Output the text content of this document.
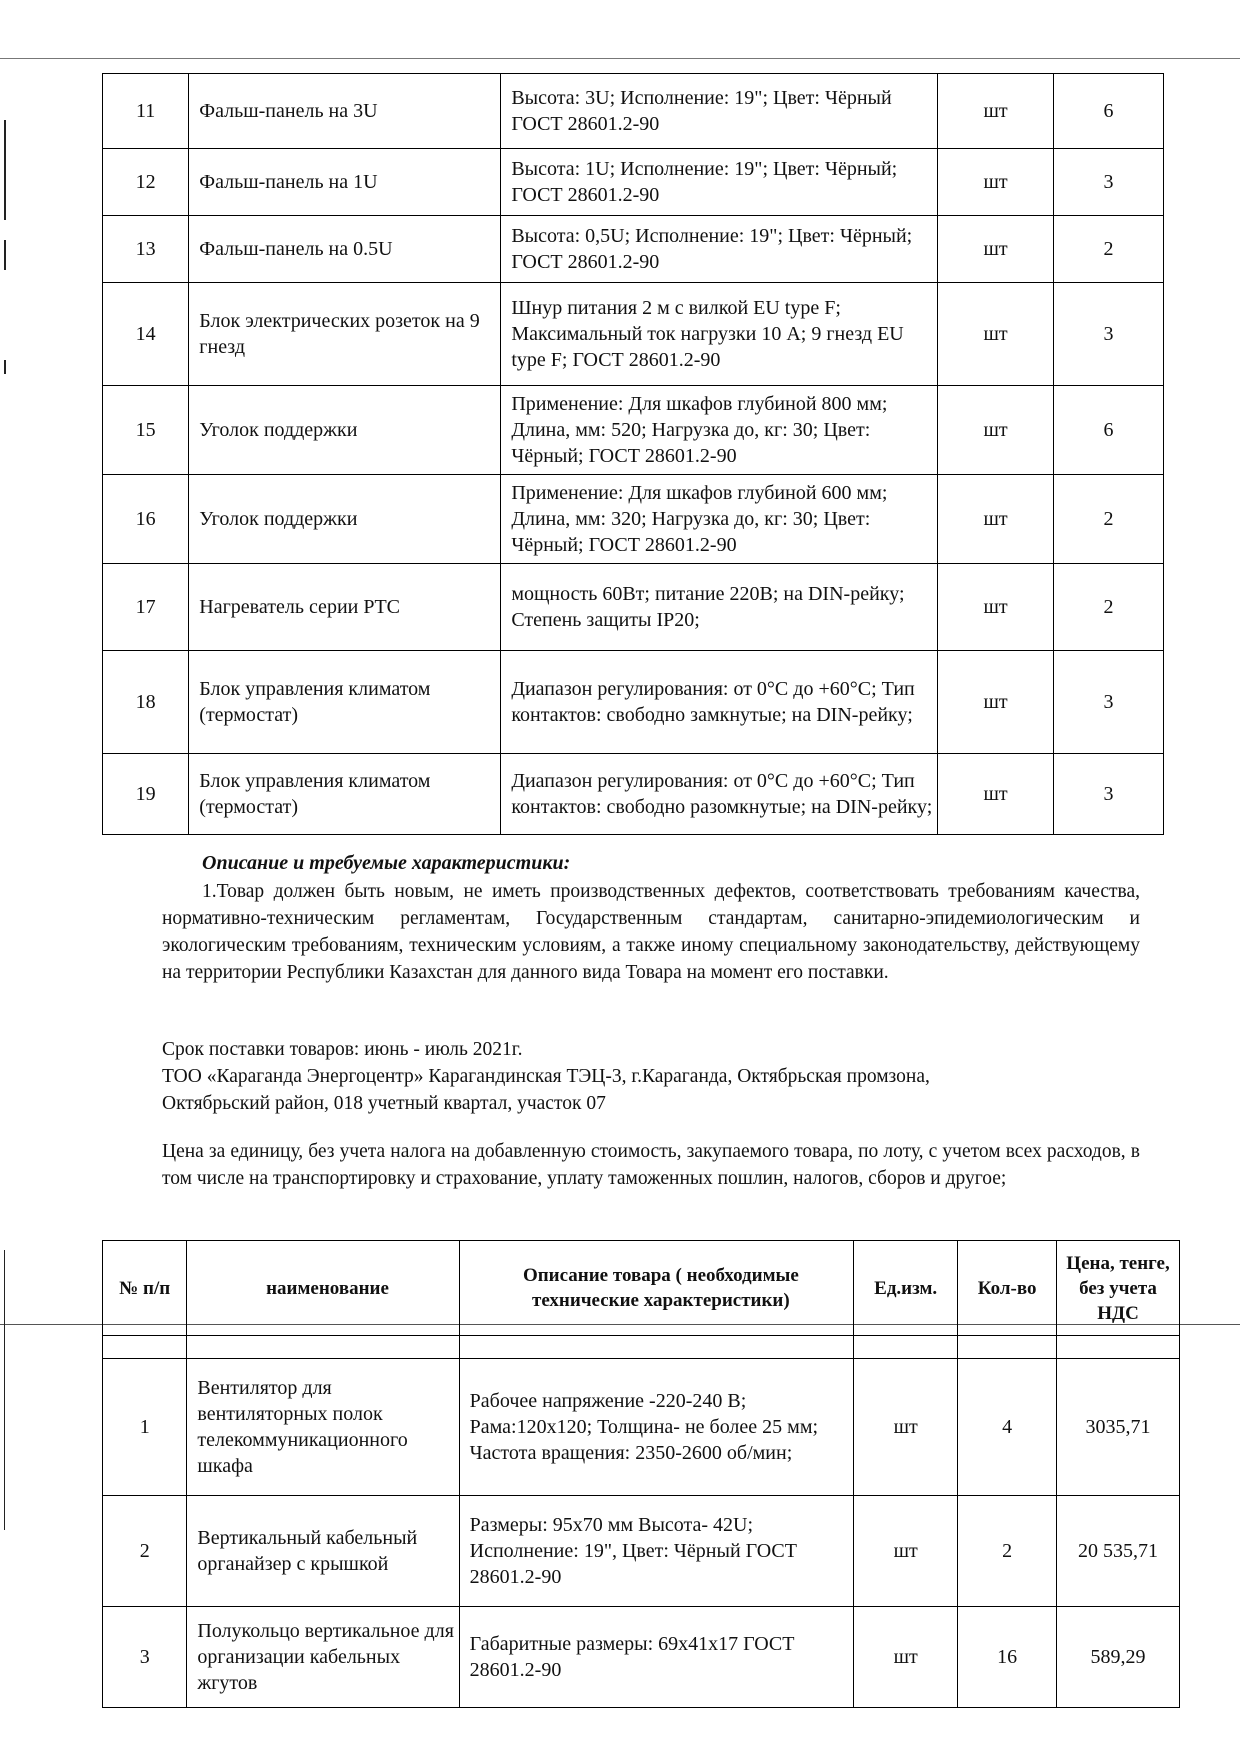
11	Фальш-панель на 3U	Высота: 3U; Исполнение: 19"; Цвет: Чёрный ГОСТ 28601.2-90	шт	6
12	Фальш-панель на 1U	Высота: 1U; Исполнение: 19"; Цвет: Чёрный; ГОСТ 28601.2-90	шт	3
13	Фальш-панель на 0.5U	Высота: 0,5U; Исполнение: 19"; Цвет: Чёрный; ГОСТ 28601.2-90	шт	2
14	Блок электрических розеток на 9 гнезд	Шнур питания 2 м с вилкой EU type F; Максимальный ток нагрузки 10 А; 9 гнезд EU type F; ГОСТ 28601.2-90	шт	3
15	Уголок поддержки	Применение: Для шкафов глубиной 800 мм; Длина, мм: 520; Нагрузка до, кг: 30; Цвет: Чёрный; ГОСТ 28601.2-90	шт	6
16	Уголок поддержки	Применение: Для шкафов глубиной 600 мм; Длина, мм: 320; Нагрузка до, кг: 30; Цвет: Чёрный; ГОСТ 28601.2-90	шт	2
17	Нагреватель серии PTC	мощность 60Вт; питание 220В; на DIN-рейку; Степень защиты IP20;	шт	2
18	Блок управления климатом (термостат)	Диапазон регулирования: от 0°С до +60°С; Тип контактов: свободно замкнутые; на DIN-рейку;	шт	3
19	Блок управления климатом (термостат)	Диапазон регулирования: от 0°С до +60°С; Тип контактов: свободно разомкнутые; на DIN-рейку;	шт	3
Описание и требуемые характеристики:
1.Товар должен быть новым, не иметь производственных дефектов, соответствовать требованиям качества, нормативно-техническим регламентам, Государственным стандартам, санитарно-эпидемиологическим и экологическим требованиям, техническим условиям, а также иному специальному законодательству, действующему на территории Республики Казахстан для данного вида Товара на момент его поставки.
Срок поставки товаров: июнь - июль 2021г.
ТОО «Караганда Энергоцентр» Карагандинская ТЭЦ-3, г.Караганда, Октябрьская промзона,
Октябрьский район, 018 учетный квартал, участок 07
Цена за единицу, без учета налога на добавленную стоимость, закупаемого товара, по лоту, с учетом всех расходов, в том числе на транспортировку и страхование, уплату таможенных пошлин, налогов, сборов и другое;
№ п/п	наименование	Описание товара ( необходимые технические характеристики)	Ед.изм.	Кол-во	Цена, тенге, без учета НДС

1	Вентилятор для вентиляторных полок телекоммуникационного шкафа	Рабочее напряжение -220-240 В; Рама:120х120; Толщина- не более 25 мм; Частота вращения: 2350-2600 об/мин;	шт	4	3035,71
2	Вертикальный кабельный органайзер с крышкой	Размеры: 95х70 мм Высота- 42U; Исполнение: 19", Цвет: Чёрный ГОСТ 28601.2-90	шт	2	20 535,71
3	Полукольцо вертикальное для организации кабельных жгутов	Габаритные размеры: 69х41х17 ГОСТ 28601.2-90	шт	16	589,29
